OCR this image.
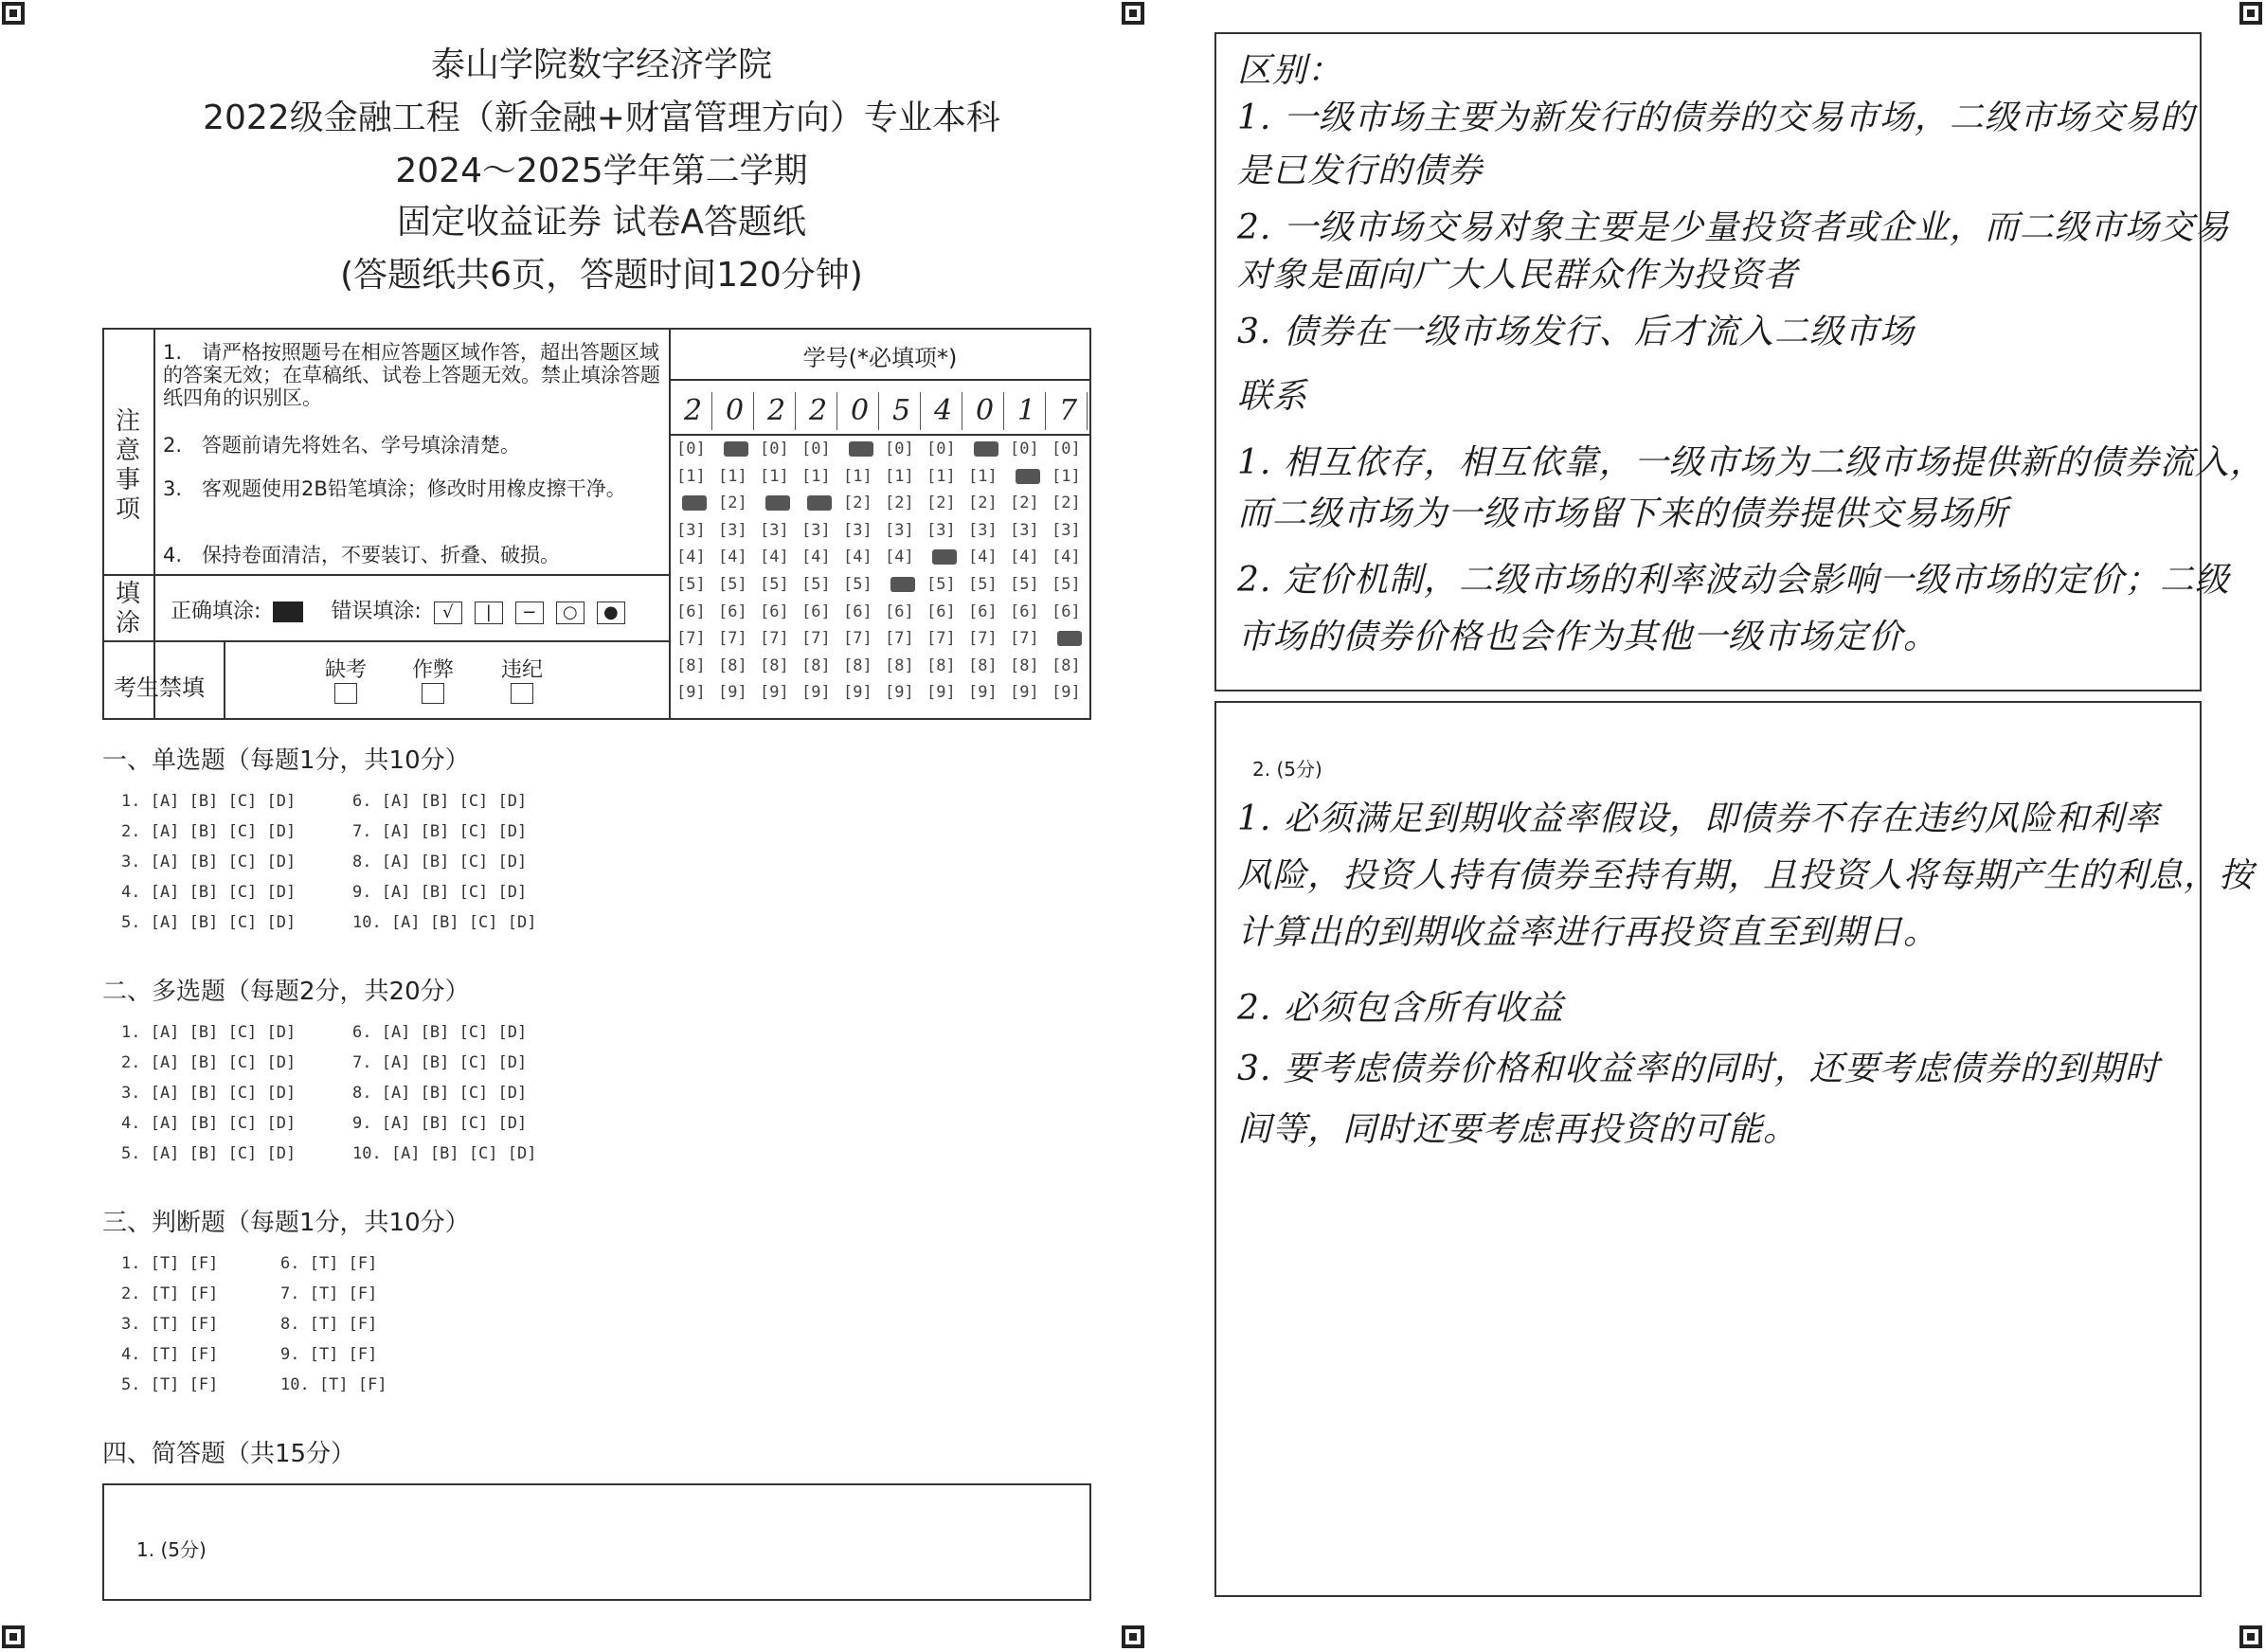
泰山学院数字经济学院
2022级金融工程（新金融+财富管理方向）专业本科
2024～2025学年第二学期
固定收益证券 试卷A答题纸
(答题纸共6页，答题时间120分钟)
注意事项
1.　请严格按照题号在相应答题区域作答，超出答题区域的答案无效；在草稿纸、试卷上答题无效。禁止填涂答题纸四角的识别区。
2.　答题前请先将姓名、学号填涂清楚。
3.　客观题使用2B铅笔填涂；修改时用橡皮擦干净。
4.　保持卷面清洁，不要装订、折叠、破损。
填涂 正确填涂:	错误填涂: √ | − ○ ●
考生禁填
缺考 作弊 违纪
学号(*必填项*)
2 0 2 2 0 5 4 0 1 7
[0]
[1]
[3]
[4]
[5]
[6]
[7]
[8]
[9]
[1]
[2]
[3]
[4]
[5]
[6]
[7]
[8]
[9]
[0]
[1]
[3]
[4]
[5]
[6]
[7]
[8]
[9]
[0]
[1]
[3]
[4]
[5]
[6]
[7]
[8]
[9]
[1]
[2]
[3]
[4]
[5]
[6]
[7]
[8]
[9]
[0]
[1]
[2]
[3]
[4]
[6]
[7]
[8]
[9]
[0]
[1]
[2]
[3]
[5]
[6]
[7]
[8]
[9]
[1]
[2]
[3]
[4]
[5]
[6]
[7]
[8]
[9]
[0]
[2]
[3]
[4]
[5]
[6]
[7]
[8]
[9]
[0]
[1]
[2]
[3]
[4]
[5]
[6]
[8]
[9]
一、单选题（每题1分，共10分）
二、多选题（每题2分，共20分）
三、判断题（每题1分，共10分）
四、简答题（共15分）
1. [A] [B] [C] [D]
2. [A] [B] [C] [D]
3. [A] [B] [C] [D]
4. [A] [B] [C] [D]
5. [A] [B] [C] [D]
6. [A] [B] [C] [D]
7. [A] [B] [C] [D]
8. [A] [B] [C] [D]
9. [A] [B] [C] [D]
10. [A] [B] [C] [D]
1. [A] [B] [C] [D]
2. [A] [B] [C] [D]
3. [A] [B] [C] [D]
4. [A] [B] [C] [D]
5. [A] [B] [C] [D]
6. [A] [B] [C] [D]
7. [A] [B] [C] [D]
8. [A] [B] [C] [D]
9. [A] [B] [C] [D]
10. [A] [B] [C] [D]
1. [T] [F]
2. [T] [F]
3. [T] [F]
4. [T] [F]
5. [T] [F]
6. [T] [F]
7. [T] [F]
8. [T] [F]
9. [T] [F]
10. [T] [F]
1. (5分)
区别：
1. 一级市场主要为新发行的债券的交易市场，二级市场交易的
是已发行的债券
2. 一级市场交易对象主要是少量投资者或企业，而二级市场交易
对象是面向广大人民群众作为投资者
3. 债券在一级市场发行、后才流入二级市场
联系
1. 相互依存，相互依靠，一级市场为二级市场提供新的债券流入，
而二级市场为一级市场留下来的债券提供交易场所
2. 定价机制，二级市场的利率波动会影响一级市场的定价；二级
市场的债券价格也会作为其他一级市场定价。
2. (5分)
1. 必须满足到期收益率假设，即债券不存在违约风险和利率
风险，投资人持有债券至持有期，且投资人将每期产生的利息，按
计算出的到期收益率进行再投资直至到期日。
2. 必须包含所有收益
3. 要考虑债券价格和收益率的同时，还要考虑债券的到期时
间等，同时还要考虑再投资的可能。
